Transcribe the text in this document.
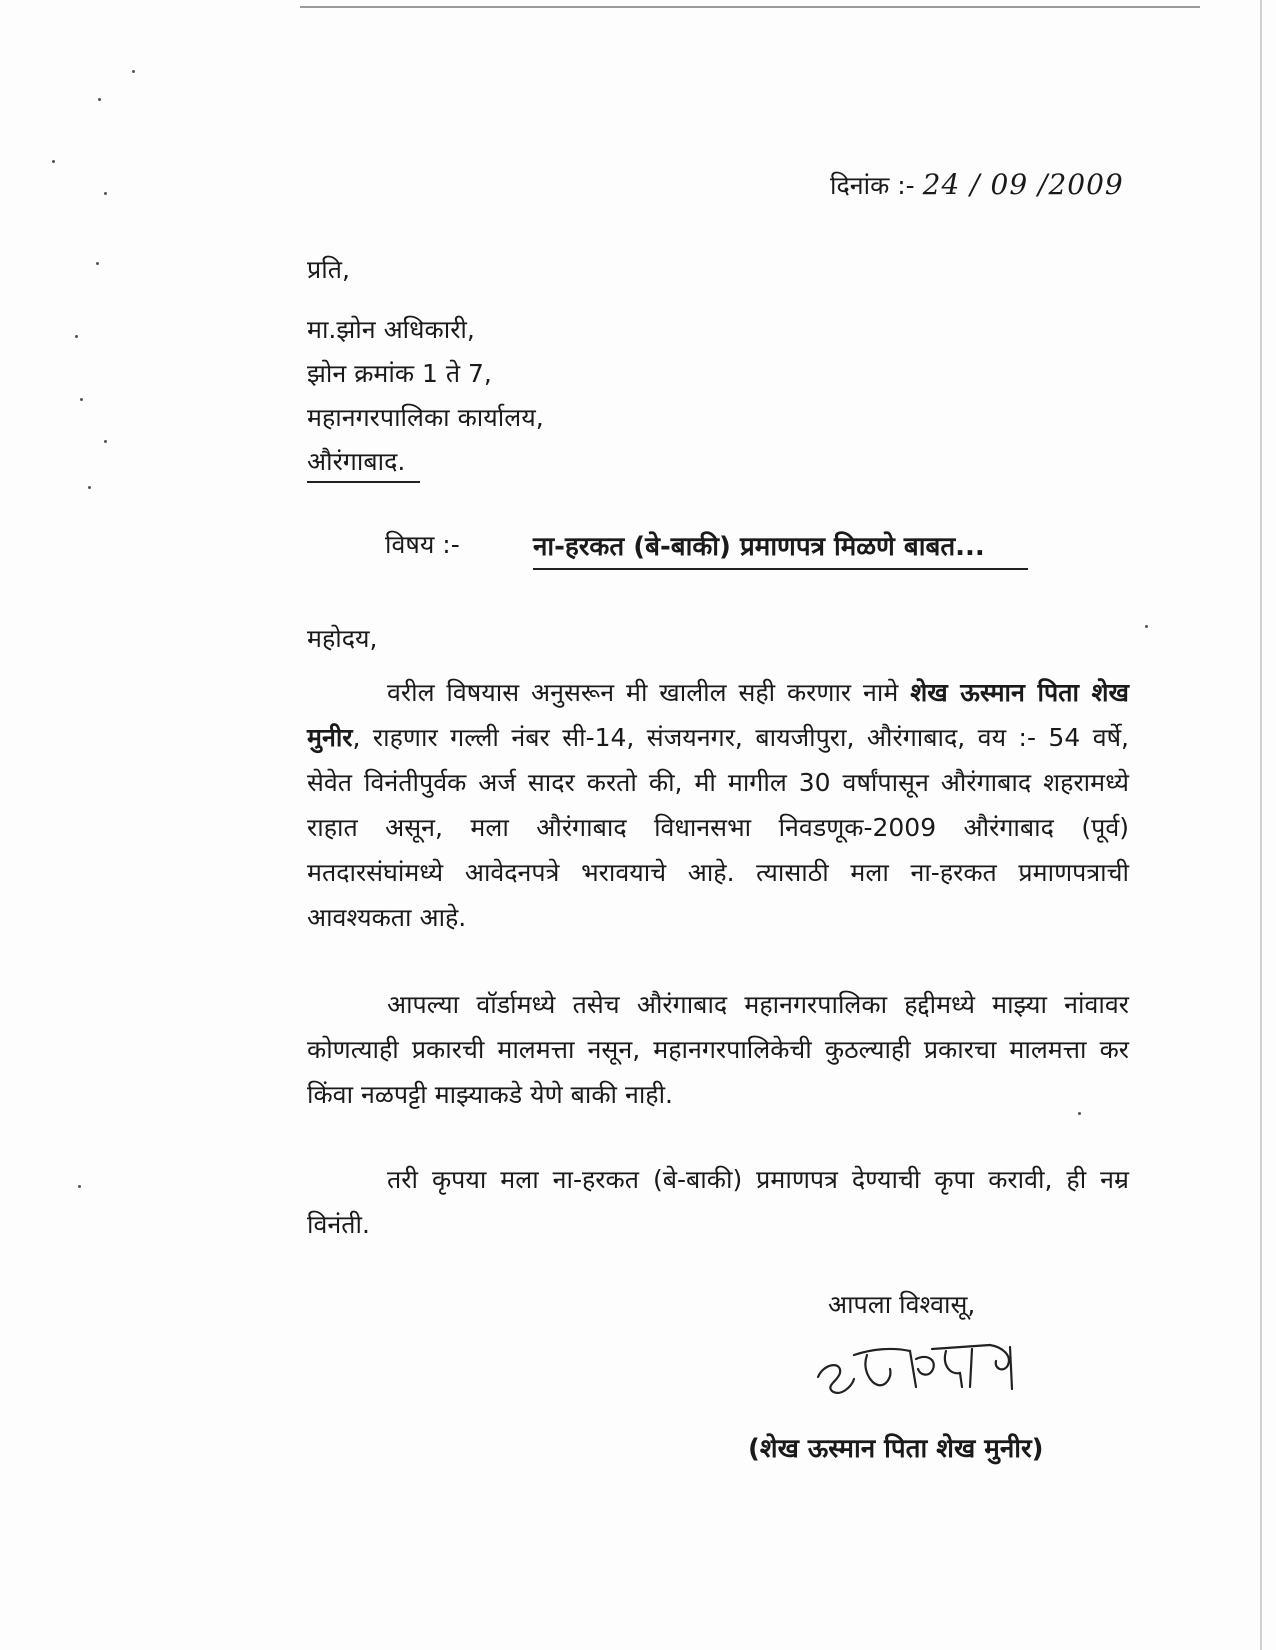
दिनांक :- 24 / 09 /2009
प्रति,
मा.झोन अधिकारी,
झोन क्रमांक 1 ते 7,
महानगरपालिका कार्यालय,
औरंगाबाद.
विषय :-	ना-हरकत (बे-बाकी) प्रमाणपत्र मिळणे बाबत...
महोदय,
वरील विषयास अनुसरून मी खालील सही करणार नामे शेख ऊस्मान पिता शेख मुनीर, राहणार गल्ली नंबर सी-14, संजयनगर, बायजीपुरा, औरंगाबाद, वय :- 54 वर्षे, सेवेत विनंतीपुर्वक अर्ज सादर करतो की, मी मागील 30 वर्षांपासून औरंगाबाद शहरामध्ये राहात असून, मला औरंगाबाद विधानसभा निवडणूक-2009 औरंगाबाद (पूर्व) मतदारसंघांमध्ये आवेदनपत्रे भरावयाचे आहे. त्यासाठी मला ना-हरकत प्रमाणपत्राची आवश्यकता आहे.
आपल्या वॉर्डामध्ये तसेच औरंगाबाद महानगरपालिका हद्दीमध्ये माझ्या नांवावर कोणत्याही प्रकारची मालमत्ता नसून, महानगरपालिकेची कुठल्याही प्रकारचा मालमत्ता कर किंवा नळपट्टी माझ्याकडे येणे बाकी नाही.
तरी कृपया मला ना-हरकत (बे-बाकी) प्रमाणपत्र देण्याची कृपा करावी, ही नम्र विनंती.
आपला विश्वासू,
(शेख ऊस्मान पिता शेख मुनीर)
